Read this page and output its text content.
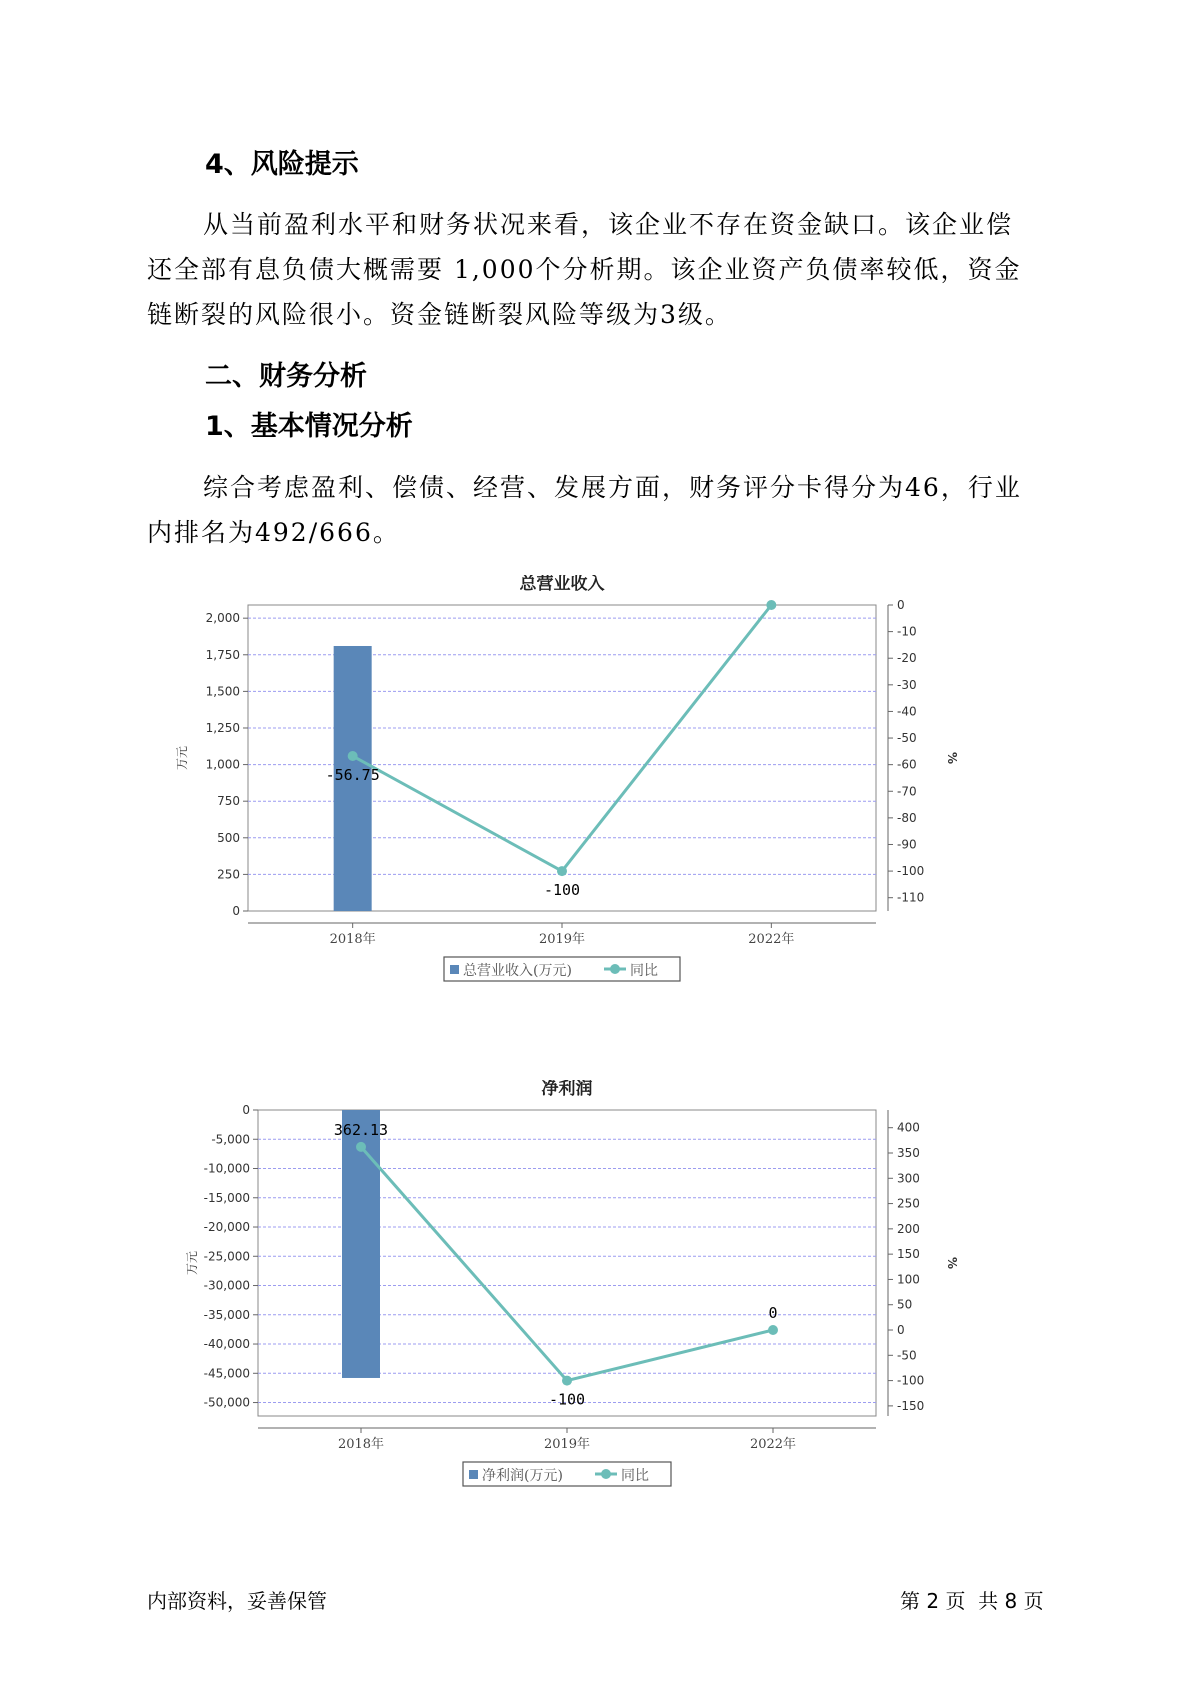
4、风险提示

从当前盈利水平和财务状况来看，该企业不存在资金缺口。该企业偿
还全部有息负债大概需要 1,000个分析期。该企业资产负债率较低，资金
链断裂的风险很小。资金链断裂风险等级为3级。

二、财务分析
1、基本情况分析

综合考虑盈利、偿债、经营、发展方面，财务评分卡得分为46，行业
内排名为492/666。

总营业收入
0
250
500
750
1,000
1,250
1,500
1,750
2,000
万元
0
-10
-20
-30
-40
-50
-60
-70
-80
-90
-100
-110
%
2018年	2019年	2022年
-56.75
-100
总营业收入(万元)	同比
净利润
0
-5,000
-10,000
-15,000
-20,000
-25,000
-30,000
-35,000
-40,000
-45,000
-50,000
万元
400
350
300
250
200
150
100
50
0
-50
-100
-150
%
2018年	2019年	2022年
362.13
-100
0
净利润(万元)	同比
内部资料，妥善保管	第 2 页  共 8 页
